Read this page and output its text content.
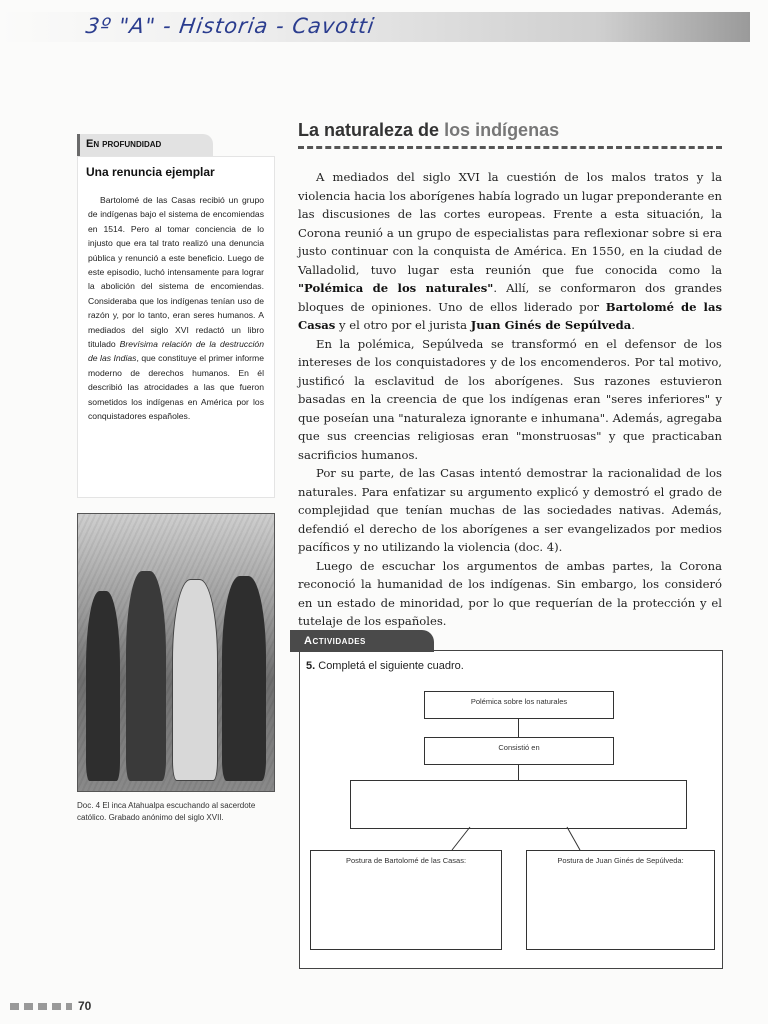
3º "A" - Historia - Cavotti
En profundidad
Una renuncia ejemplar
Bartolomé de las Casas recibió un grupo de indígenas bajo el sistema de encomiendas en 1514. Pero al tomar conciencia de lo injusto que era tal trato realizó una denuncia pública y renunció a este beneficio. Luego de este episodio, luchó intensamente para lograr la abolición del sistema de encomiendas. Consideraba que los indígenas tenían uso de razón y, por lo tanto, eran seres humanos. A mediados del siglo XVI redactó un libro titulado Brevísima relación de la destrucción de las Indias, que constituye el primer informe moderno de derechos humanos. En él describió las atrocidades a las que fueron sometidos los indígenas en América por los conquistadores españoles.
Doc. 4 El inca Atahualpa escuchando al sacerdote católico. Grabado anónimo del siglo XVII.
La naturaleza de los indígenas

A mediados del siglo XVI la cuestión de los malos tratos y la violencia hacia los aborígenes había logrado un lugar preponderante en las discusiones de las cortes europeas. Frente a esta situación, la Corona reunió a un grupo de especialistas para reflexionar sobre si era justo continuar con la conquista de América. En 1550, en la ciudad de Valladolid, tuvo lugar esta reunión que fue conocida como la "Polémica de los naturales". Allí, se conformaron dos grandes bloques de opiniones. Uno de ellos liderado por Bartolomé de las Casas y el otro por el jurista Juan Ginés de Sepúlveda.

En la polémica, Sepúlveda se transformó en el defensor de los intereses de los conquistadores y de los encomenderos. Por tal motivo, justificó la esclavitud de los aborígenes. Sus razones estuvieron basadas en la creencia de que los indígenas eran "seres inferiores" y que poseían una "naturaleza ignorante e inhumana". Además, agregaba que sus creencias religiosas eran "monstruosas" y que practicaban sacrificios humanos.

Por su parte, de las Casas intentó demostrar la racionalidad de los naturales. Para enfatizar su argumento explicó y demostró el grado de complejidad que tenían muchas de las sociedades nativas. Además, defendió el derecho de los aborígenes a ser evangelizados por medios pacíficos y no utilizando la violencia (doc. 4).

Luego de escuchar los argumentos de ambas partes, la Corona reconoció la humanidad de los indígenas. Sin embargo, los consideró en un estado de minoridad, por lo que requerían de la protección y el tutelaje de los españoles.

Actividades
5. Completá el siguiente cuadro.
Polémica sobre los naturales
Consistió en
Postura de Bartolomé de las Casas:	Postura de Juan Ginés de Sepúlveda:
70
